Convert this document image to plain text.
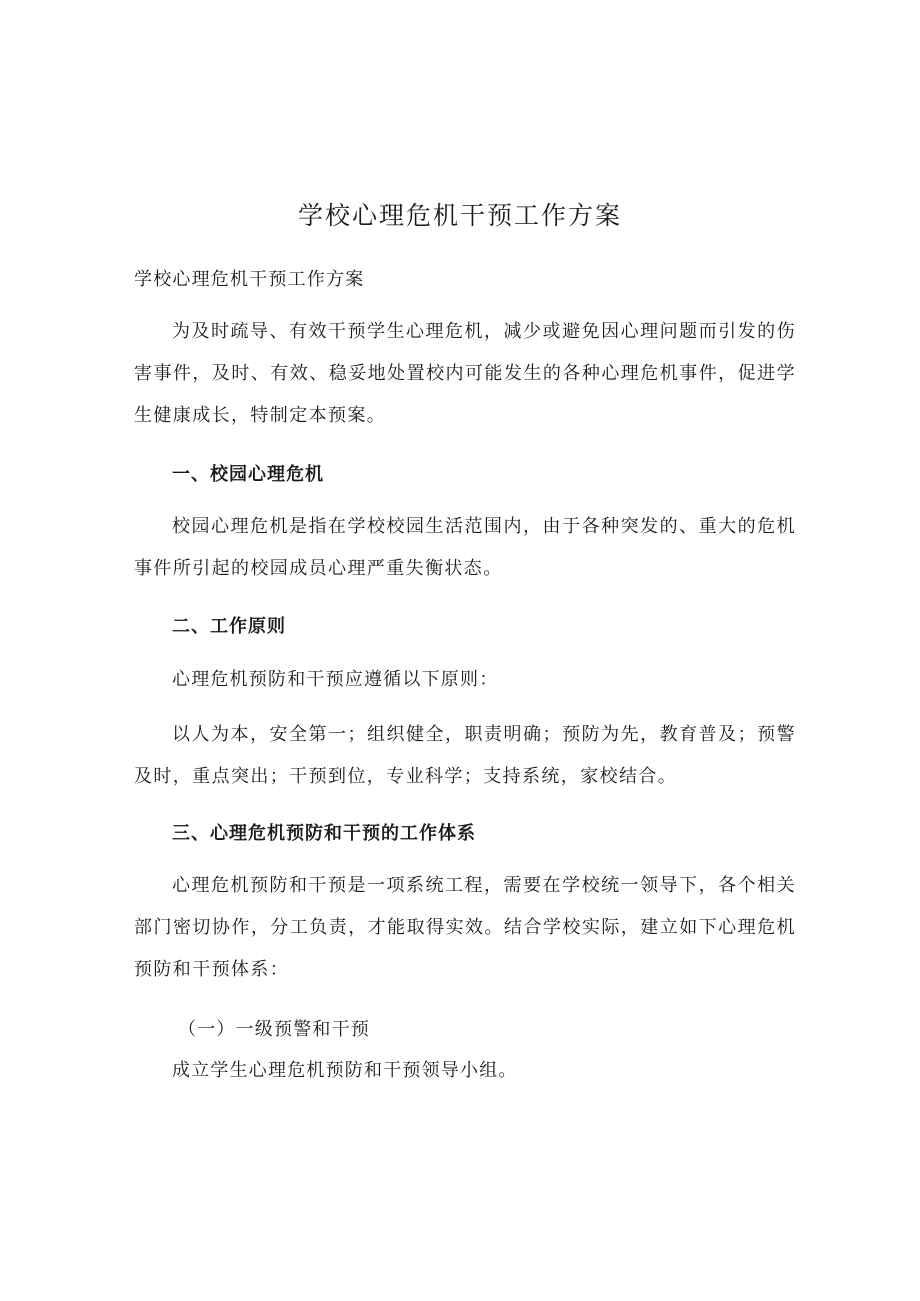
学校心理危机干预工作方案
学校心理危机干预工作方案

为及时疏导、有效干预学生心理危机，减少或避免因心理问题而引发的伤害事件，及时、有效、稳妥地处置校内可能发生的各种心理危机事件，促进学生健康成长，特制定本预案。

一、校园心理危机

校园心理危机是指在学校校园生活范围内，由于各种突发的、重大的危机事件所引起的校园成员心理严重失衡状态。

二、工作原则
心理危机预防和干预应遵循以下原则：

以人为本，安全第一；组织健全，职责明确；预防为先，教育普及；预警及时，重点突出；干预到位，专业科学；支持系统，家校结合。

三、心理危机预防和干预的工作体系

心理危机预防和干预是一项系统工程，需要在学校统一领导下，各个相关部门密切协作，分工负责，才能取得实效。结合学校实际，建立如下心理危机预防和干预体系：

（一）一级预警和干预
成立学生心理危机预防和干预领导小组。
